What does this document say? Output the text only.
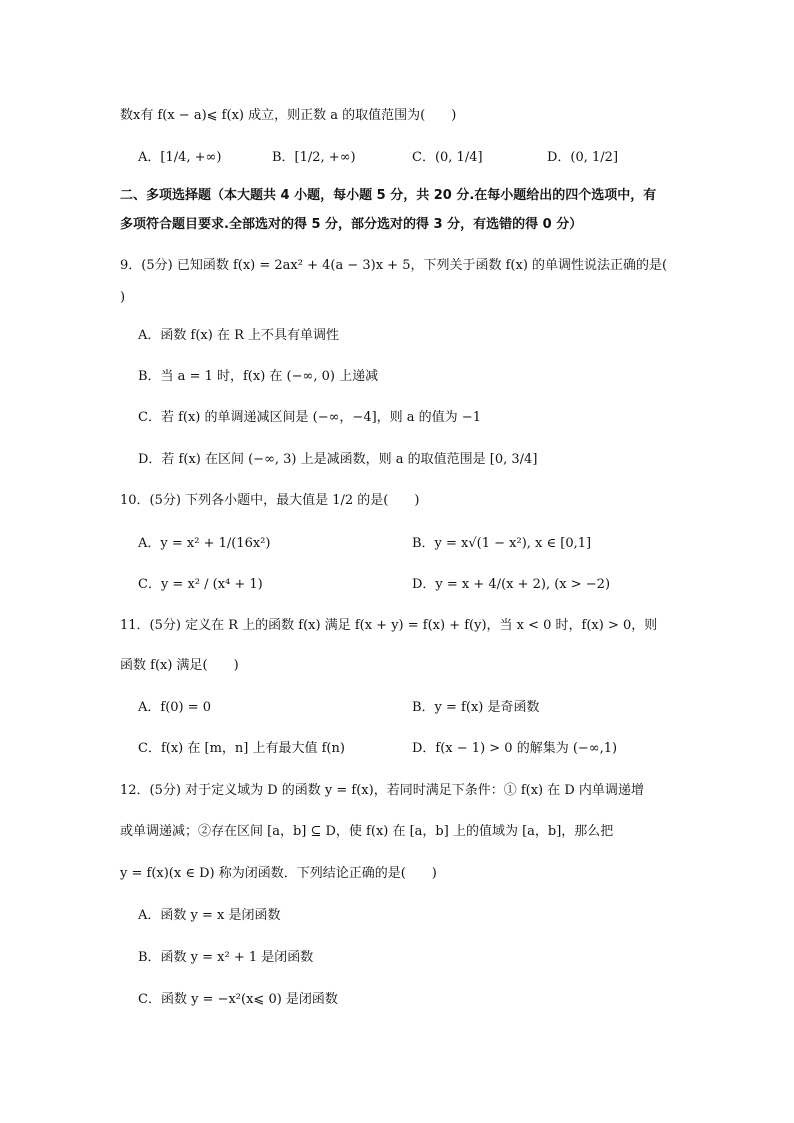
数x有 f(x − a)⩽ f(x) 成立，则正数 a 的取值范围为(　　)
A．[1/4, +∞)	B．[1/2, +∞)	C．(0, 1/4]	D．(0, 1/2]
二、多项选择题（本大题共 4 小题，每小题 5 分，共 20 分.在每小题给出的四个选项中，有
多项符合题目要求.全部选对的得 5 分，部分选对的得 3 分，有选错的得 0 分）
9．(5分) 已知函数 f(x) = 2ax² + 4(a − 3)x + 5，下列关于函数 f(x) 的单调性说法正确的是(
)
A．函数 f(x) 在 R 上不具有单调性
B．当 a = 1 时，f(x) 在 (−∞, 0) 上递减
C．若 f(x) 的单调递减区间是 (−∞，−4]，则 a 的值为 −1
D．若 f(x) 在区间 (−∞, 3) 上是减函数，则 a 的取值范围是 [0, 3/4]
10．(5分) 下列各小题中，最大值是 1/2 的是(　　)
A．y = x² + 1/(16x²)	B．y = x√(1 − x²), x ∈ [0,1]
C．y = x² / (x⁴ + 1)	D．y = x + 4/(x + 2), (x > −2)
11．(5分) 定义在 R 上的函数 f(x) 满足 f(x + y) = f(x) + f(y)，当 x < 0 时，f(x) > 0，则
函数 f(x) 满足(　　)
A．f(0) = 0	B．y = f(x) 是奇函数
C．f(x) 在 [m，n] 上有最大值 f(n)	D．f(x − 1) > 0 的解集为 (−∞,1)
12．(5分) 对于定义域为 D 的函数 y = f(x)，若同时满足下条件：① f(x) 在 D 内单调递增
或单调递减；②存在区间 [a，b] ⊆ D，使 f(x) 在 [a，b] 上的值域为 [a，b]，那么把
y = f(x)(x ∈ D) 称为闭函数．下列结论正确的是(　　)
A．函数 y = x 是闭函数
B．函数 y = x² + 1 是闭函数
C．函数 y = −x²(x⩽ 0) 是闭函数
